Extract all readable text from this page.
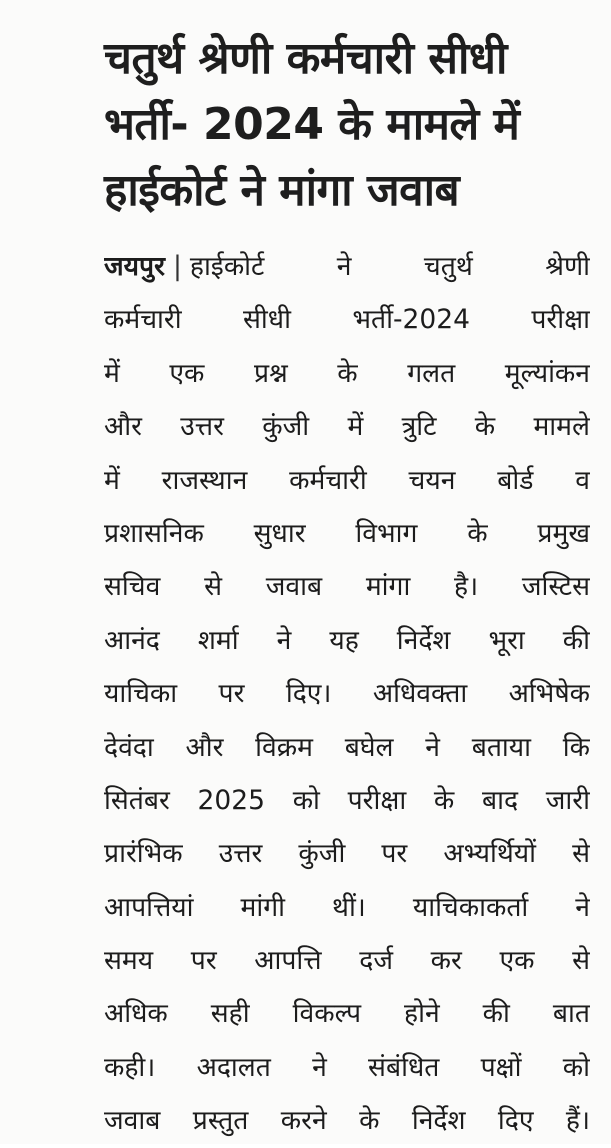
चतुर्थ श्रेणी कर्मचारी सीधी
भर्ती- 2024 के मामले में
हाईकोर्ट ने मांगा जवाब
जयपुर | हाईकोर्ट ने चतुर्थ श्रेणी
कर्मचारी सीधी भर्ती-2024 परीक्षा
में एक प्रश्न के गलत मूल्यांकन
और उत्तर कुंजी में त्रुटि के मामले
में राजस्थान कर्मचारी चयन बोर्ड व
प्रशासनिक सुधार विभाग के प्रमुख
सचिव से जवाब मांगा है। जस्टिस
आनंद शर्मा ने यह निर्देश भूरा की
याचिका पर दिए। अधिवक्ता अभिषेक
देवंदा और विक्रम बघेल ने बताया कि
सितंबर 2025 को परीक्षा के बाद जारी
प्रारंभिक उत्तर कुंजी पर अभ्यर्थियों से
आपत्तियां मांगी थीं। याचिकाकर्ता ने
समय पर आपत्ति दर्ज कर एक से
अधिक सही विकल्प होने की बात
कही। अदालत ने संबंधित पक्षों को
जवाब प्रस्तुत करने के निर्देश दिए हैं।
